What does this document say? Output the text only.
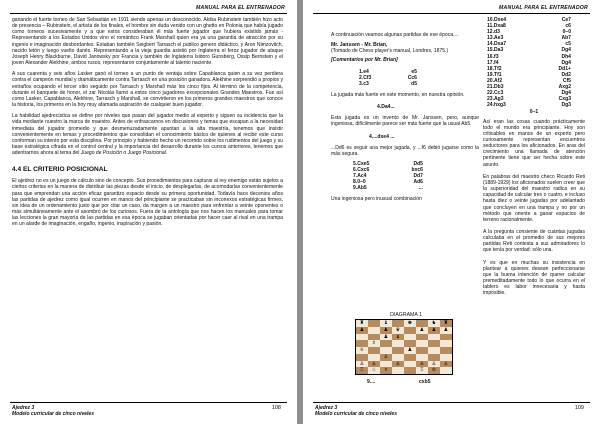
MANUAL PARA EL ENTRENADOR

ganando el fuerte torneo de San Sebastián en 1911 siendo apenas un desconocido. Akiba Rubinstein también hizo acto de presencia – Rubinstein, el artista de los finales, el hombre sin duda venido con un ghetto en Polonia que había jugado como torneos sucesivamente y a que estos consideraban él más fuerte jugador que hubiera existido jamás - Representando a los Estados Unidos vino el romántico Frank Marshall quien era ya una garantía de atracción por su ingenio e imaginación desbordantes. Estaban también Seigbert Tarrasch el publico genero didáctico, y Aron Nimzovitch, nacido letón y luego vuelto danés. Representando a la vieja guardia asistió por Inglaterra el feroz jugador de ataque Joseph Henry Blackburne, David Janowsky por Francia y también de Inglaterra Isidoro Gunsberg, Ossip Bernstein y el joven Alexander Alekhine, ambos rusos, representaron conjuntamente al talento naciente.

A sus cuarenta y seis años Lasker ganó el torneo a un punto de ventaja sobre Capablanca quien a su vez perdiera contra el campeón mundial y dramáticamente contra Tarrasch en una posición ganadora. Alekhine sorprendió a propios y extraños ocupando el tercer sitio seguido por Tarrasch y Marshall más los cinco fijos. Al término de la competencia, durante el banquete de honor, el zar Nicolás llamó a estos cinco jugadores excepcionales Grandes Maestros. Fue así como Lasker, Capablanca, Alekhine, Tarrasch y Marshall, se convirtieron en los primeros grandes maestros que conoce la historia, los primeros en la hoy muy afamada aspiración de cualquier buen jugador.

La habilidad ajedrecística se define por niveles que pasan del jugador medio al experto y siguen su incidencia que la vida mediante nuestro la marca de maestro. Antes de enfrascarnos en discusiones y temas que escapan a la necesidad inmediata del jugador promedio y que desmenuzadamente apuntan a la alta maestría, tenemos que insistir convenientemente en temas y procedimientos que consolidan el conocimiento básico de quienes al recibir este curso conforman su interés por esta disciplina. Por principio y habiendo hecho un recorrido sobre los rudimentos del juego y su base estratégica cifrada en el control central y la importancia del desarrollo durante los cursos anteriores, tenemos que adentrarnos ahora al tema del Juego de Posición o Juego Posicional.

4.4 EL CRITERIO POSICIONAL

El ajedrez no es un juego de cálculo sino de concepto. Sus procedimientos para capturar al rey enemigo están sujetos a ciertos criterios en la manera de distribuir las piezas desde el inicio, de desplegarlas, de acomodarlas convenientemente para que emprendan una acción eficaz garantizo espacio desde su primera oportunidad. Todavía hace decenios años las partidas de ajedrez como igual ocurren en manos del principiante se practicaban sin inconexos estratégicas firmes, sin idea de un ordenamiento justo que por citar un caso, da margen a un maestro para enfrentar a veinte oponentes o más simultáneamente ante el asombro de los curiosos. Fuera de la antología que nos hacen los manuales para tomar las lecciones la gran mayoría de las partidas en esa época se jugaban orientadas por hacer caer al rival en una trampa en un alarde de imaginación, engaño, ingenio, inspiración y pasión.

Ajedrez 3
Modelo curricular de cinco niveles
108
MANUAL PARA EL ENTRENADOR

A continuación veamos algunas partidas de ese época....

Mr. Janssen - Mr. Brian,

(Tomado de Chess player's manual, Londres, 1875.)

[Comentarios por Mr. Brian]

1.e4	e5
2.Cf3	Cc6
3.c3	d5

La jugada más fuerte en este momento, en nuestra opinión.

4.Da4...

Esta jugada es un invento de Mr. Janssen, pero, aunque ingeniosa, difícilmente parece ser más fuerte que la usual Ab5.

4....dxe4 ...

...Dd6 es seguir una mejor jugada, y ...f6 debió jugarse como la más segura.

5.Cxe5	Dd5
6.Cxc6	bxc6
7.Ac4	Dd7
8.0–0	Ad6
9.Ab5	...

Una ingeniosa pero inusual combinación

DIAGRAMA 1
♜	♝	♚	♞	♜
♟	♟	♛	♟	♟	♟
♟	♝
♗
♕	♟
♙
♙	♙	♙	♙	♙	♙
♖	♘	♗	♖	♔
9....	cxb5
10.Dxe4	Ce7
11.Dxa8	c6
12.d3	0–0
13.Ae3	Ab7
14.Dxa7	c5
15.Da3	Dg4
16.f3	Dh4
17.f4	Dg4
18.Tf2	Dd1+
19.Tf1	Dd2
20.Af2	Cf5
21.Db3	Axg2
22.Cc3	Dg4
23.Ag3	Cxg3
24.hxg3	Dg3
0–1

Así eran las cosas cuando prácticamente todo el mundo era principiante. Hoy son criticables en manos de un experto pero curiosamente representan encuentros seductores para los aficionados. En aras del crecimiento una llamada de atención pertinente tiene que ser hecha sobre este asunto.

En palabras del maestro checo Ricardo Reti (1889-1929) los aficionados suelen creer que la superioridad del maestro radica en su capacidad de calcular tres o cuatro, e incluso hasta diez o veinte jugadas por adelantado que concluyen en una trampa y no por un método que oriente a ganar espacios de terreno racionalmente.

A la pregunta consiente de cuántas jugadas calculaba en el promedio de sus mejores partidas Reti contesta a sus admiradores lo que tenía por verdad: sólo una.

Y es que en muchas su insistencia en plantear a quienes desean perfeccionarse que la buena intención de querer calcular premeditadamente todo lo que ocurra en el tablero es labor innecesaria y hasta imposible.

Ajedrez 3
Modelo curricular de cinco niveles
109
